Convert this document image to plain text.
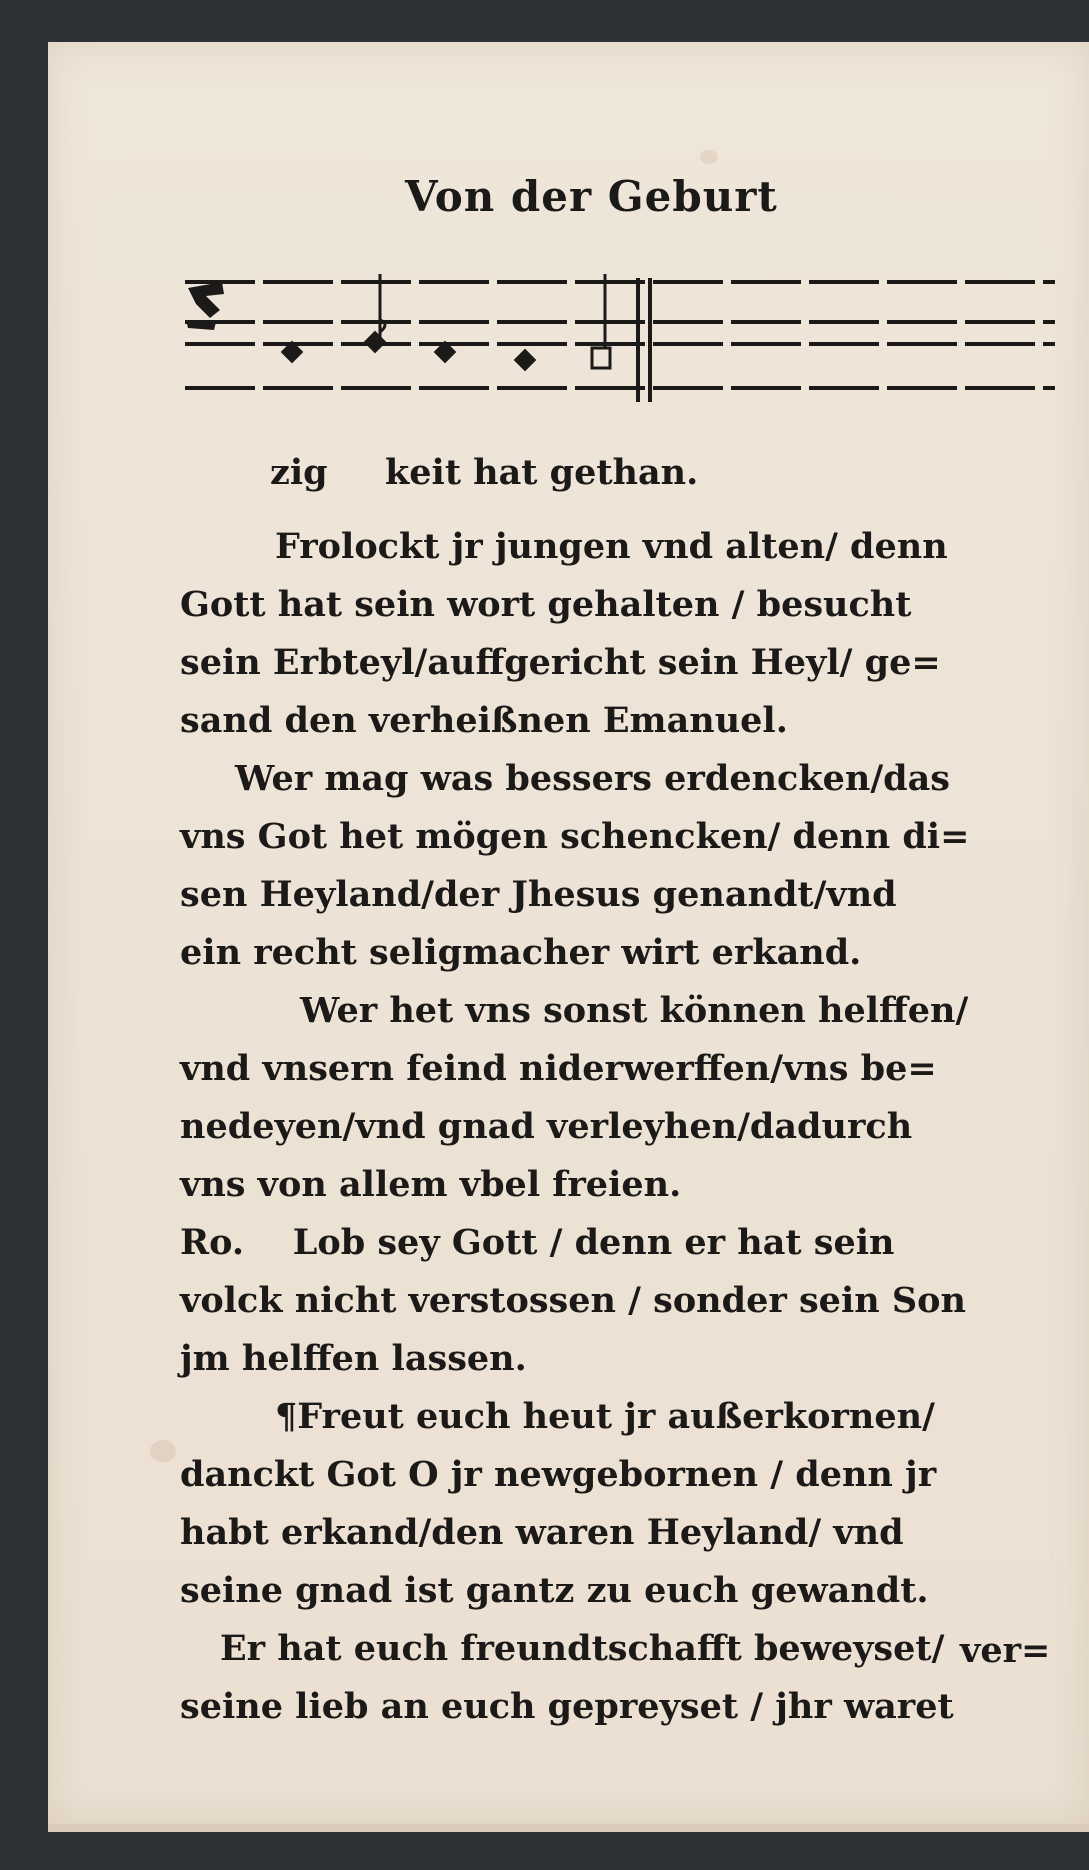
Von der Geburt
zig keit hat gethan.
Frolockt jr jungen vnd alten/ denn
Gott hat sein wort gehalten / besucht
sein Erbteyl/auffgericht sein Heyl/ ge=
sand den verheißnen Emanuel.
Wer mag was bessers erdencken/das
vns Got het mögen schencken/ denn di=
sen Heyland/der Jhesus genandt/vnd
ein recht seligmacher wirt erkand.
Wer het vns sonst können helffen/
vnd vnsern feind niderwerffen/vns be=
nedeyen/vnd gnad verleyhen/dadurch
vns von allem vbel freien.
Ro.    Lob sey Gott / denn er hat sein
volck nicht verstossen / sonder sein Son
jm helffen lassen.
¶Freut euch heut jr außerkornen/
danckt Got O jr newgebornen / denn jr
habt erkand/den waren Heyland/ vnd
seine gnad ist gantz zu euch gewandt.
Er hat euch freundtschafft beweyset/
seine lieb an euch gepreyset / jhr waret
ver=
